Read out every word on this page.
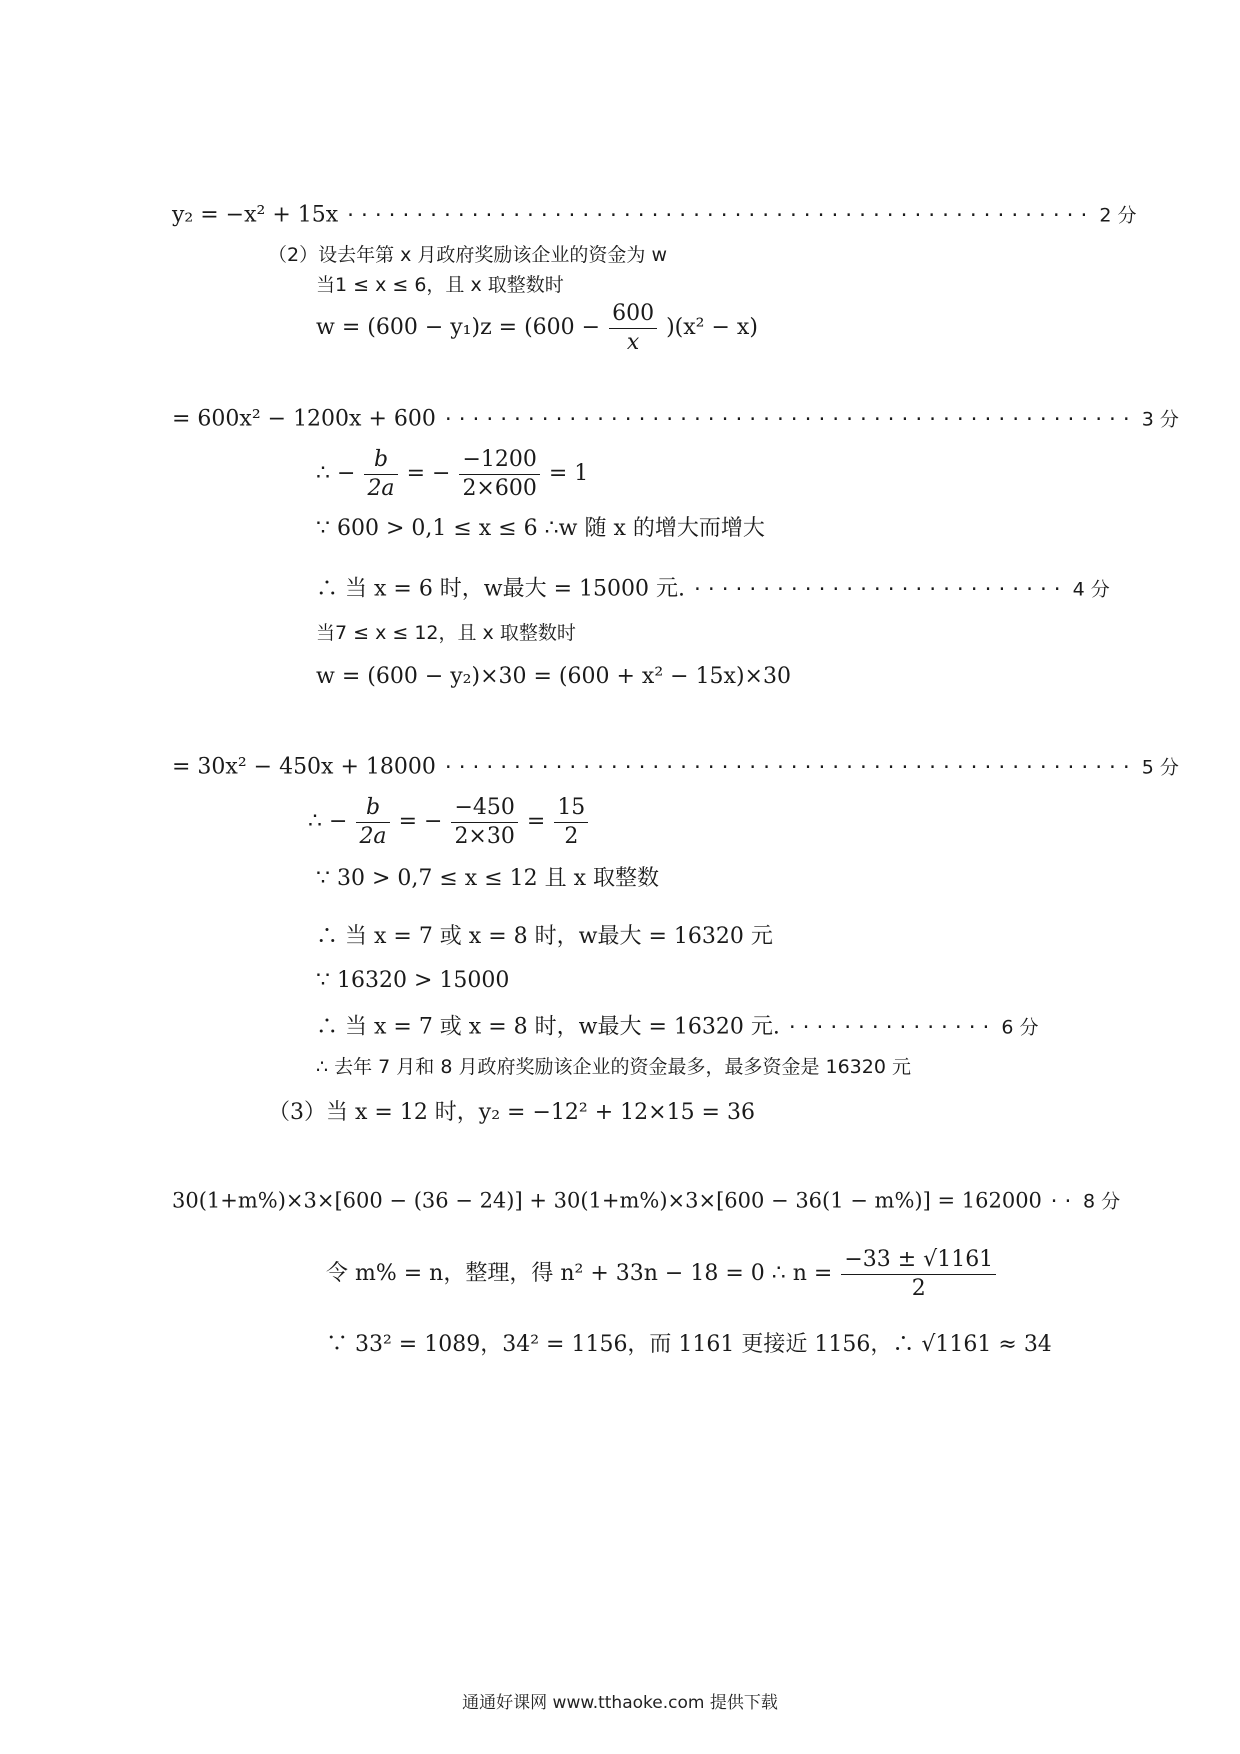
y₂ = −x² + 15x ...................................................... 2 分
（2）设去年第 x 月政府奖励该企业的资金为 w
当1 ≤ x ≤ 6，且 x 取整数时
$w = (600 - y_1)z = (600 - \frac{600}{x} )(x^2 - x)$
= 600x² − 1200x + 600 .................................................. 3 分
∴ − $\frac{b}{2a}$ = − $\frac{-1200}{2\times 600} = 1$
∵ 600 > 0,1 ≤ x ≤ 6 ∴w 随 x 的增大而增大
∴ 当 x = 6 时，w最大 = 15000 元. ........................... 4 分
当7 ≤ x ≤ 12，且 x 取整数时
w = (600 − y₂)×30 = (600 + x² − 15x)×30
= 30x² − 450x + 18000 .................................................. 5 分
∴ − $\frac{b}{2a}$ = − $\frac{-450}{2\times 30} = \frac{15}{2}$
∵ 30 > 0,7 ≤ x ≤ 12 且 x 取整数
∴ 当 x = 7 或 x = 8 时，w最大 = 16320 元
∵ 16320 > 15000
∴ 当 x = 7 或 x = 8 时，w最大 = 16320 元. ............... 6 分
∴ 去年 7 月和 8 月政府奖励该企业的资金最多，最多资金是 16320 元
（3）当 x = 12 时，y₂ = −12² + 12×15 = 36
30(1+m%)×3×[600 − (36 − 24)] + 30(1+m%)×3×[600 − 36(1 − m%)] = 162000 .. 8 分
令 m% = n，整理，得 n² + 33n − 18 = 0 ∴ $n = \frac{-33 \pm √1161}{2}$
∵ 33² = 1089，34² = 1156，而 1161 更接近 1156，∴ √1161 ≈ 34
通通好课网 www.tthaoke.com 提供下载
